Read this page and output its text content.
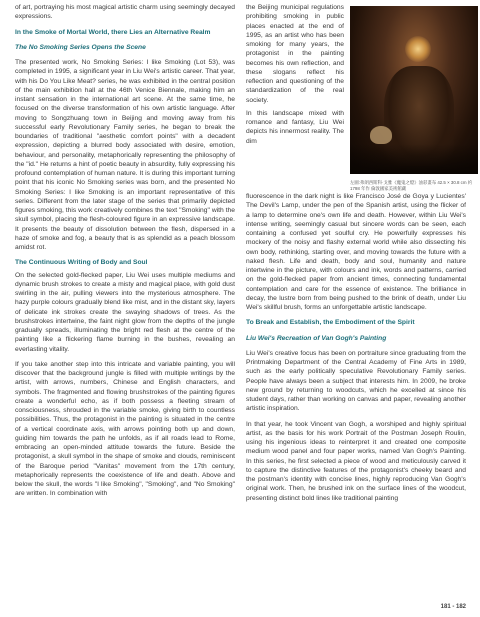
of art, portraying his most magical artistic charm using seemingly decayed expressions.

In the Smoke of Mortal World, there Lies an Alternative Realm

The No Smoking Series Opens the Scene

The presented work, No Smoking Series: I like Smoking (Lot 53), was completed in 1995, a significant year in Liu Wei's artistic career. That year, with his Do You Like Meat? series, he was exhibited in the central position of the main exhibition hall at the 46th Venice Biennale, making him an instant sensation in the international art scene. At the same time, he focused on the diverse transformation of his own artistic language. After moving to Songzhuang town in Beijing and moving away from his successful early Revolutionary Family series, he began to break the boundaries of traditional "aesthetic comfort points" with a decadent expression, depicting a blurred body associated with desire, emotion, behaviour, and personality, metaphorically representing the philosophy of the "id." He returns a hint of poetic beauty in absurdity, fully expressing his profound contemplation of human nature. It is during this important turning point that his iconic No Smoking series was born, and the presented No Smoking Series: I like Smoking is an important representative of this series. Different from the later stage of the series that primarily depicted figures smoking, this work creatively combines the text "Smoking" with the skull symbol, placing the flesh-coloured figure in an expressive landscape. It presents the beauty of dissolution between the flesh, dispersed in a haze of smoke and fog, a beauty that is as splendid as a peach blossom amidst rot.

The Continuous Writing of Body and Soul

On the selected gold-flecked paper, Liu Wei uses multiple mediums and dynamic brush strokes to create a misty and magical place, with gold dust swirling in the air, pulling viewers into the mysterious atmosphere. The hazy purple colours gradually blend like mist, and in the distant sky, layers of delicate ink strokes create the swaying shadows of trees. As the brushstrokes intertwine, the faint night glow from the depths of the jungle gradually spreads, illuminating the bright red flesh at the centre of the painting like a flickering flame burning in the bushes, revealing an everlasting vitality.

If you take another step into this intricate and variable painting, you will discover that the background jungle is filled with multiple writings by the artist, with arrows, numbers, Chinese and English characters, and symbols. The fragmented and flowing brushstrokes of the painting figures create a wonderful echo, as if both possess a fleeting stream of consciousness, shrouded in the variable smoke, giving birth to countless possibilities. Thus, the protagonist in the painting is situated in the centre of a vertical coordinate axis, with arrows pointing both up and down, guiding him towards the path he unfolds, as if all roads lead to Rome, embracing an open-minded attitude towards the future. Beside the protagonist, a skull symbol in the shape of smoke and clouds, reminiscent of the Baroque period "Vanitas" movement from the 17th century, metaphorically represents the coexistence of life and death. Above and below the skull, the words "I like Smoking", "Smoking", and "No Smoking" are written. In combination with

the Beijing municipal regulations prohibiting smoking in public places enacted at the end of 1995, as an artist who has been smoking for many years, the protagonist in the painting becomes his own reflection, and these slogans reflect his reflection and questioning of the standardization of the real society.

In this landscape mixed with romance and fantasy, Liu Wei depicts his innermost reality. The dim

左圖:弗朗西斯科·戈雅《魔鬼之燈》油彩畫布 42.5 × 30.8 cm 約 1798 年作 倫敦國家美術館藏

fluorescence in the dark night is like Francisco José de Goya y Lucientes' The Devil's Lamp, under the pen of the Spanish artist, using the flicker of a lamp to determine one's own life and death. However, within Liu Wei's intense writing, seemingly casual but sincere words can be seen, each containing a confused yet soulful cry. He powerfully expresses his mockery of the noisy and flashy external world while also dissecting his own body, rethinking, starting over, and moving towards the future with a naked flesh. Life and death, body and soul, humanity and nature intertwine in the picture, with colours and ink, words and patterns, carried on the gold-flecked paper from ancient times, connecting fundamental contemplation and care for the essence of existence. The brilliance in decay, the lustre born from being pushed to the brink of death, under Liu Wei's skillful brush, forms an unforgettable artistic landscape.

To Break and Establish, the Embodiment of the Spirit

Liu Wei's Recreation of Van Gogh's Painting

Liu Wei's creative focus has been on portraiture since graduating from the Printmaking Department of the Central Academy of Fine Arts in 1989, such as the early politically speculative Revolutionary Family series. People have always been a subject that interests him. In 2009, he broke new ground by returning to woodcuts, which he excelled at since his student days, rather than working on canvas and paper, revealing another artistic inspiration.

In that year, he took Vincent van Gogh, a worshiped and highly spiritual artist, as the basis for his work Portrait of the Postman Joseph Roulin, using his ingenious ideas to reinterpret it and created one composite medium wood panel and four paper works, named Van Gogh's Painting. In this series, he first selected a piece of wood and meticulously carved it to capture the distinctive features of the protagonist's cheeky beard and the postman's identity with concise lines, highly reproducing Van Gogh's original work. Then, he brushed ink on the surface lines of the woodcut, presenting distinct bold lines like traditional painting

181 - 182
